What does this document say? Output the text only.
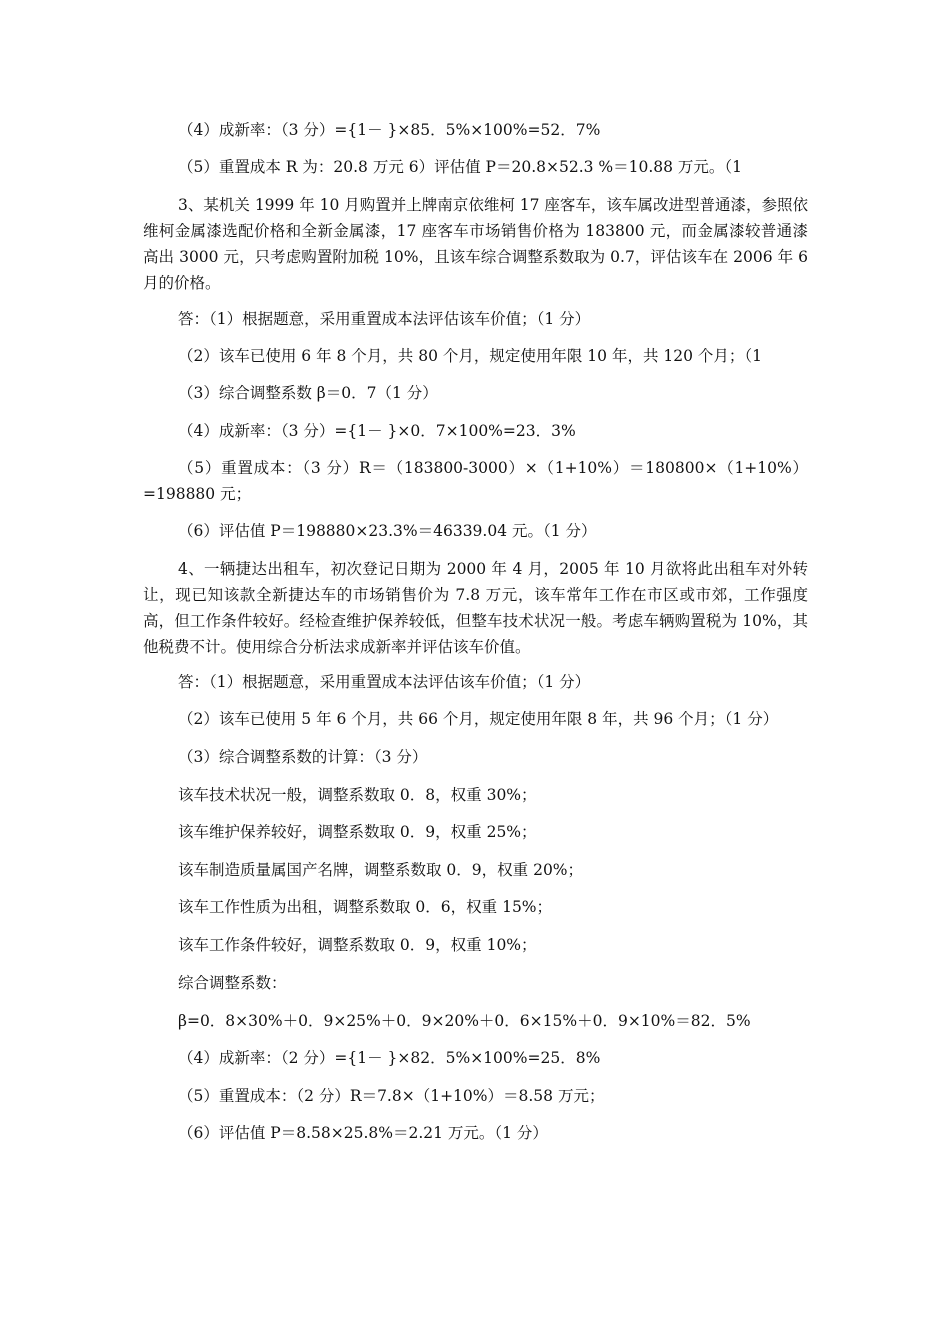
（4）成新率：（3 分）={1－ }×85．5%×100%=52．7%
（5）重置成本 R 为：20.8 万元 6）评估值 P＝20.8×52.3 %＝10.88 万元。（1
3、某机关 1999 年 10 月购置并上牌南京依维柯 17 座客车，该车属改进型普通漆，参照依维柯金属漆选配价格和全新金属漆，17 座客车市场销售价格为 183800 元，而金属漆较普通漆高出 3000 元，只考虑购置附加税 10%，且该车综合调整系数取为 0.7，评估该车在 2006 年 6 月的价格。
答：（1）根据题意，采用重置成本法评估该车价值；（1 分）
（2）该车已使用 6 年 8 个月，共 80 个月，规定使用年限 10 年，共 120 个月；（1
（3）综合调整系数 β＝0．7（1 分）
（4）成新率：（3 分）={1－ }×0．7×100%=23．3%
（5）重置成本：（3 分）R＝（183800-3000）×（1+10%）＝180800×（1+10%）=198880 元；
（6）评估值 P＝198880×23.3%＝46339.04 元。（1 分）
4、一辆捷达出租车，初次登记日期为 2000 年 4 月，2005 年 10 月欲将此出租车对外转让，现已知该款全新捷达车的市场销售价为 7.8 万元，该车常年工作在市区或市郊，工作强度高，但工作条件较好。经检查维护保养较低，但整车技术状况一般。考虑车辆购置税为 10%，其他税费不计。使用综合分析法求成新率并评估该车价值。
答：（1）根据题意，采用重置成本法评估该车价值；（1 分）
（2）该车已使用 5 年 6 个月，共 66 个月，规定使用年限 8 年，共 96 个月；（1 分）
（3）综合调整系数的计算：（3 分）
该车技术状况一般，调整系数取 0．8，权重 30%；
该车维护保养较好，调整系数取 0．9，权重 25%；
该车制造质量属国产名牌，调整系数取 0．9，权重 20%；
该车工作性质为出租，调整系数取 0．6，权重 15%；
该车工作条件较好，调整系数取 0．9，权重 10%；
综合调整系数：
β=0．8×30%＋0．9×25%＋0．9×20%＋0．6×15%＋0．9×10%＝82．5%
（4）成新率：（2 分）={1－ }×82．5%×100%=25．8%
（5）重置成本：（2 分）R＝7.8×（1+10%）＝8.58 万元；
（6）评估值 P＝8.58×25.8%＝2.21 万元。（1 分）
